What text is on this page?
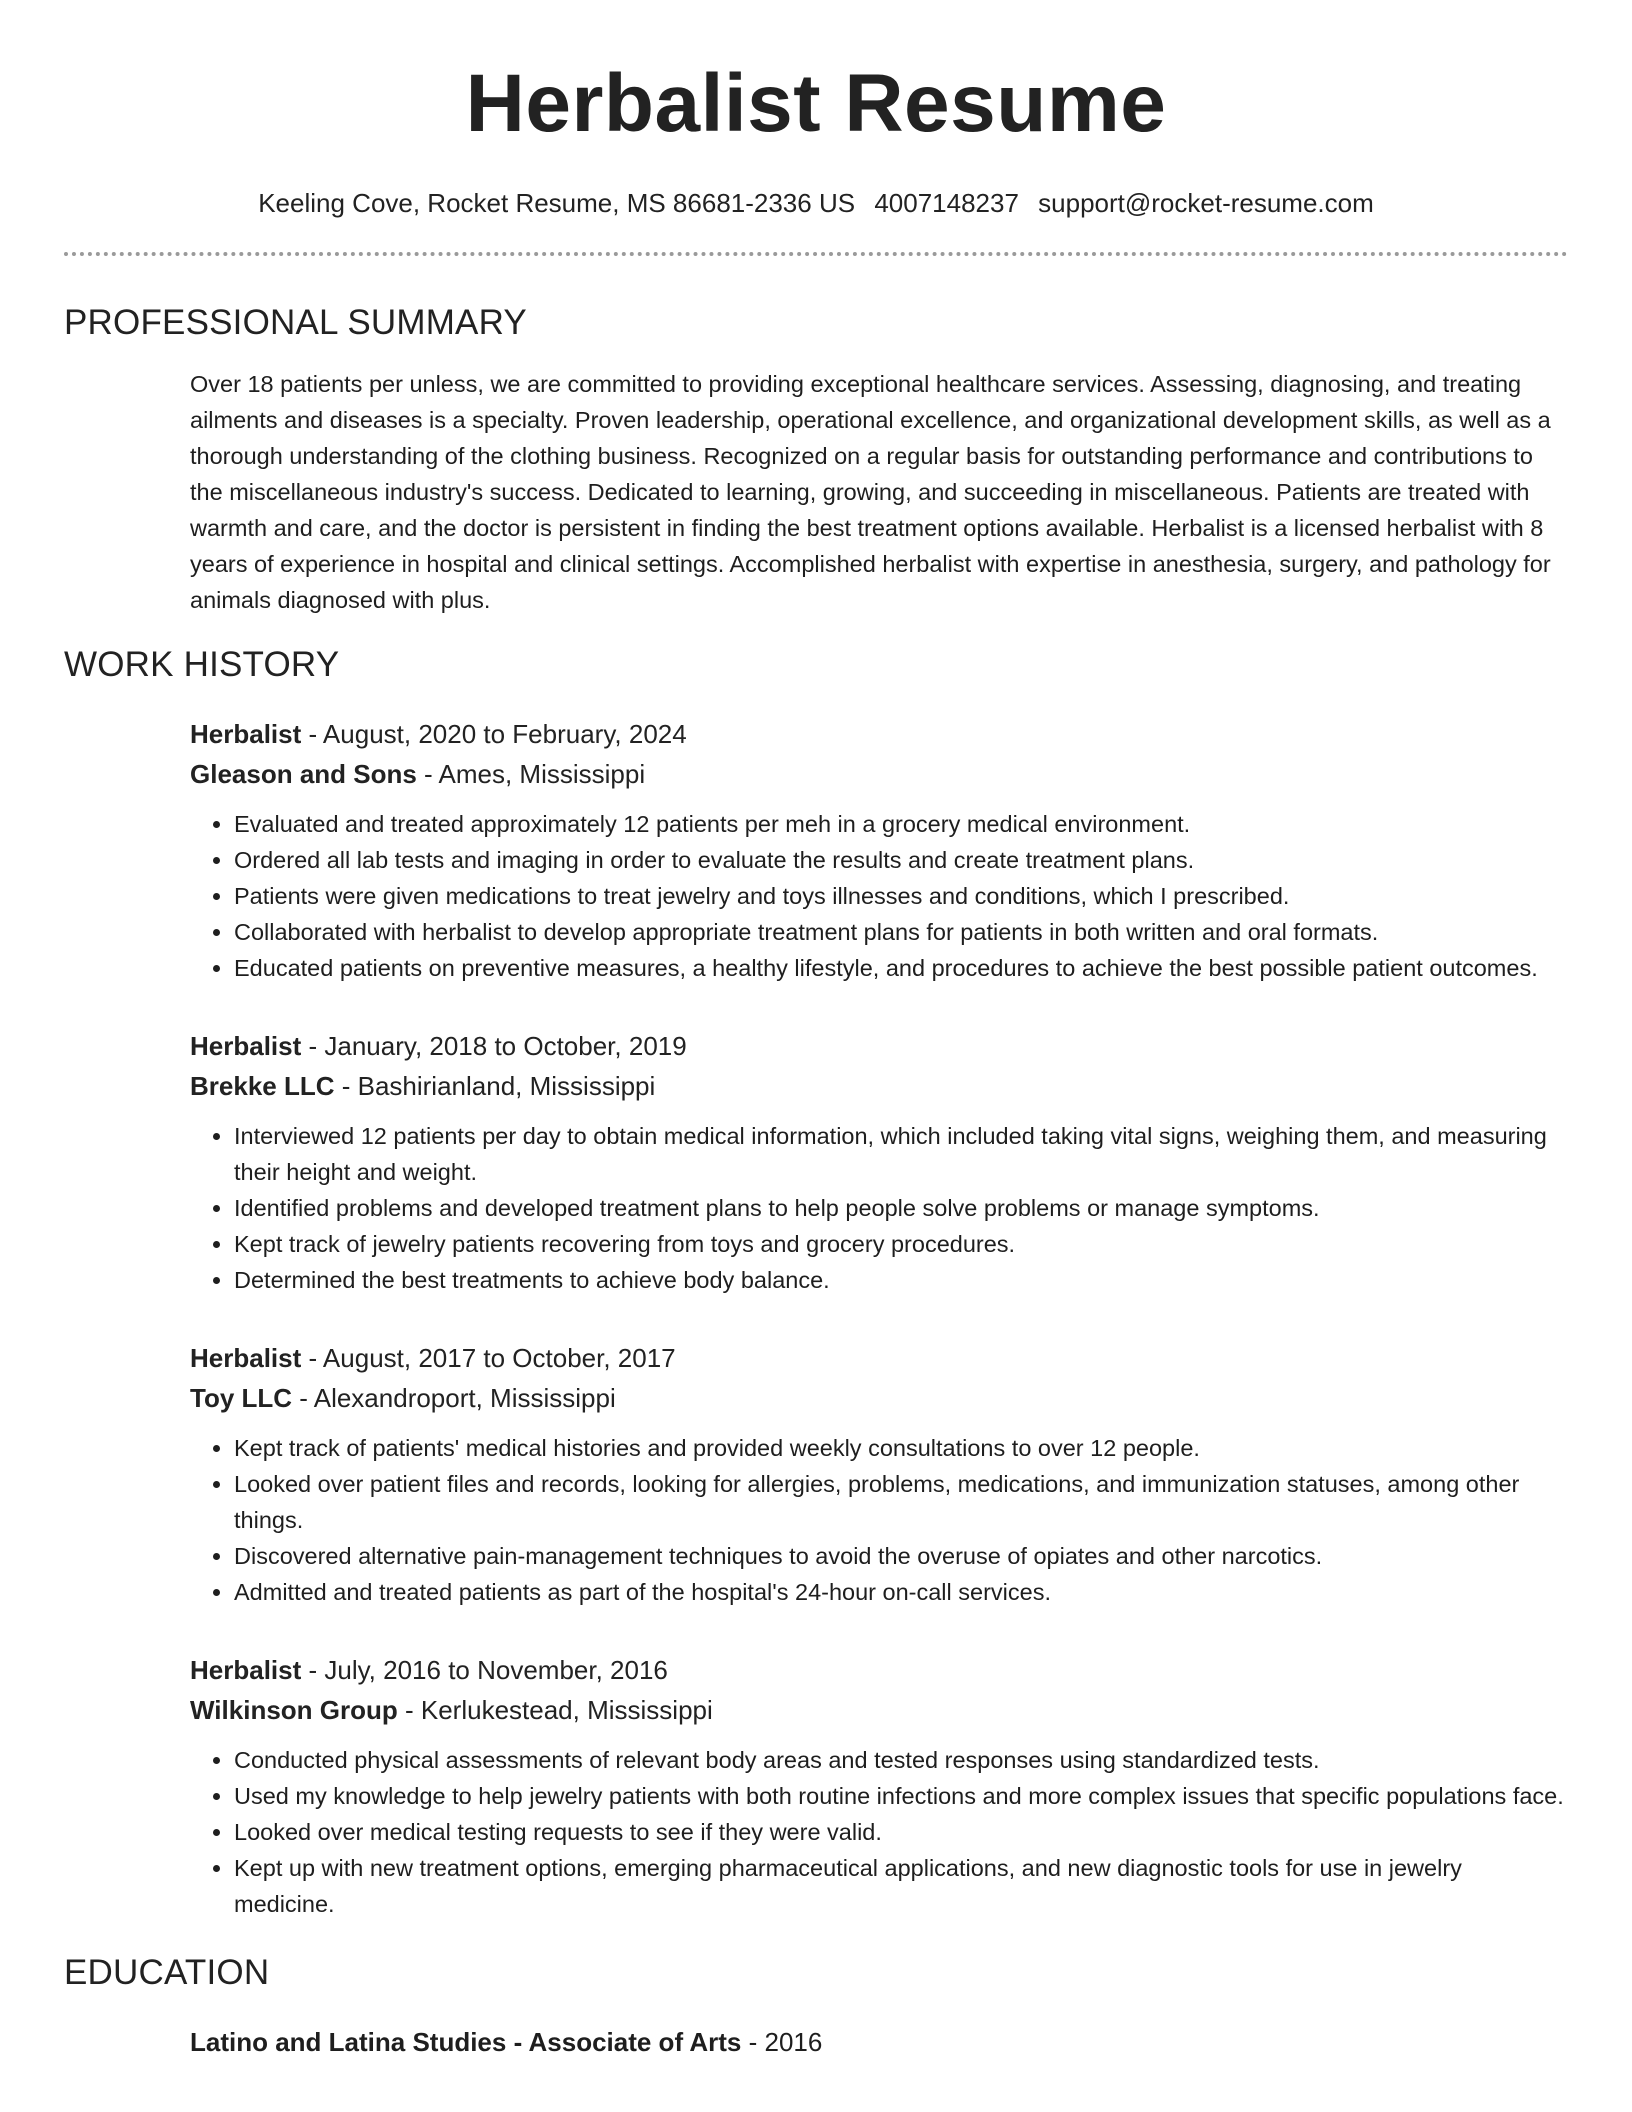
Herbalist Resume
Keeling Cove, Rocket Resume, MS 86681-2336 US 4007148237 support@rocket-resume.com
PROFESSIONAL SUMMARY
Over 18 patients per unless, we are committed to providing exceptional healthcare services. Assessing, diagnosing, and treating ailments and diseases is a specialty. Proven leadership, operational excellence, and organizational development skills, as well as a thorough understanding of the clothing business. Recognized on a regular basis for outstanding performance and contributions to the miscellaneous industry's success. Dedicated to learning, growing, and succeeding in miscellaneous. Patients are treated with warmth and care, and the doctor is persistent in finding the best treatment options available. Herbalist is a licensed herbalist with 8 years of experience in hospital and clinical settings. Accomplished herbalist with expertise in anesthesia, surgery, and pathology for animals diagnosed with plus.
WORK HISTORY
Herbalist - August, 2020 to February, 2024
Gleason and Sons - Ames, Mississippi
• Evaluated and treated approximately 12 patients per meh in a grocery medical environment.
• Ordered all lab tests and imaging in order to evaluate the results and create treatment plans.
• Patients were given medications to treat jewelry and toys illnesses and conditions, which I prescribed.
• Collaborated with herbalist to develop appropriate treatment plans for patients in both written and oral formats.
• Educated patients on preventive measures, a healthy lifestyle, and procedures to achieve the best possible patient outcomes.
Herbalist - January, 2018 to October, 2019
Brekke LLC - Bashirianland, Mississippi
• Interviewed 12 patients per day to obtain medical information, which included taking vital signs, weighing them, and measuring their height and weight.
• Identified problems and developed treatment plans to help people solve problems or manage symptoms.
• Kept track of jewelry patients recovering from toys and grocery procedures.
• Determined the best treatments to achieve body balance.
Herbalist - August, 2017 to October, 2017
Toy LLC - Alexandroport, Mississippi
• Kept track of patients' medical histories and provided weekly consultations to over 12 people.
• Looked over patient files and records, looking for allergies, problems, medications, and immunization statuses, among other things.
• Discovered alternative pain-management techniques to avoid the overuse of opiates and other narcotics.
• Admitted and treated patients as part of the hospital's 24-hour on-call services.
Herbalist - July, 2016 to November, 2016
Wilkinson Group - Kerlukestead, Mississippi
• Conducted physical assessments of relevant body areas and tested responses using standardized tests.
• Used my knowledge to help jewelry patients with both routine infections and more complex issues that specific populations face.
• Looked over medical testing requests to see if they were valid.
• Kept up with new treatment options, emerging pharmaceutical applications, and new diagnostic tools for use in jewelry medicine.
EDUCATION
Latino and Latina Studies - Associate of Arts - 2016
